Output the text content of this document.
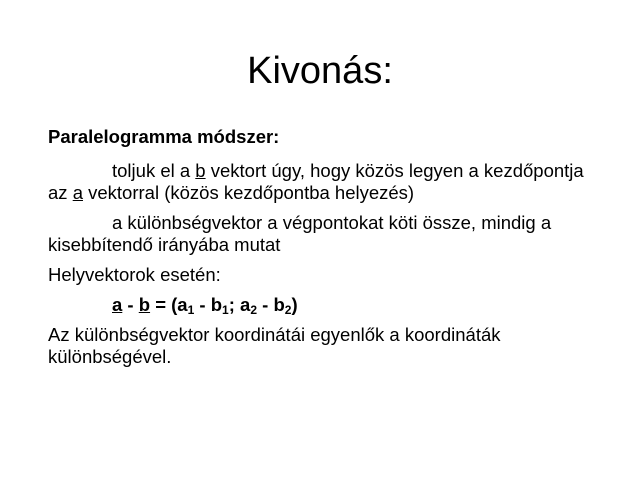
Kivonás:

Paralelogramma módszer:

toljuk el a b vektort úgy, hogy közös legyen a kezdőpontja az a vektorral (közös kezdőpontba helyezés)

a különbségvektor a végpontokat köti össze, mindig a kisebbítendő irányába mutat

Helyvektorok esetén:

$a - b = (a_1 - b_1$; $a_2 - b_2$)

Az különbségvektor koordinátái egyenlők a koordináták különbségével.
